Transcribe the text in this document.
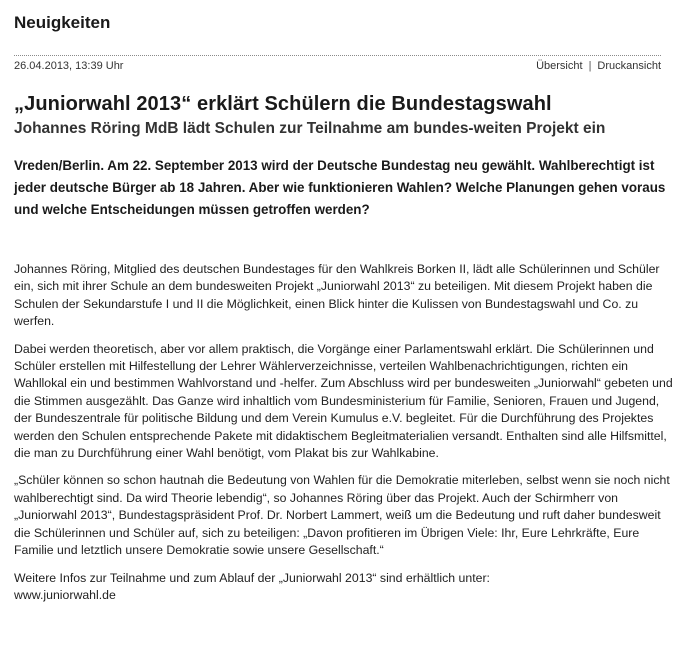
Neuigkeiten
26.04.2013, 13:39 Uhr	Übersicht | Druckansicht
„Juniorwahl 2013“ erklärt Schülern die Bundestagswahl
Johannes Röring MdB lädt Schulen zur Teilnahme am bundes-weiten Projekt ein

Vreden/Berlin. Am 22. September 2013 wird der Deutsche Bundestag neu gewählt. Wahlberechtigt ist jeder deutsche Bürger ab 18 Jahren. Aber wie funktionieren Wahlen? Welche Planungen gehen voraus und welche Entscheidungen müssen getroffen werden?

Johannes Röring, Mitglied des deutschen Bundestages für den Wahlkreis Borken II, lädt alle Schülerinnen und Schüler ein, sich mit ihrer Schule an dem bundesweiten Projekt „Juniorwahl 2013“ zu beteiligen. Mit diesem Projekt haben die Schulen der Sekundarstufe I und II die Möglichkeit, einen Blick hinter die Kulissen von Bundestagswahl und Co. zu werfen.

Dabei werden theoretisch, aber vor allem praktisch, die Vorgänge einer Parlamentswahl erklärt. Die Schülerinnen und Schüler erstellen mit Hilfestellung der Lehrer Wählerverzeichnisse, verteilen Wahlbenachrichtigungen, richten ein Wahllokal ein und bestimmen Wahlvorstand und -helfer. Zum Abschluss wird per bundesweiten „Juniorwahl“ gebeten und die Stimmen ausgezählt. Das Ganze wird inhaltlich vom Bundesministerium für Familie, Senioren, Frauen und Jugend, der Bundeszentrale für politische Bildung und dem Verein Kumulus e.V. begleitet. Für die Durchführung des Projektes werden den Schulen entsprechende Pakete mit didaktischem Begleitmaterialien versandt. Enthalten sind alle Hilfsmittel, die man zu Durchführung einer Wahl benötigt, vom Plakat bis zur Wahlkabine.

„Schüler können so schon hautnah die Bedeutung von Wahlen für die Demokratie miterleben, selbst wenn sie noch nicht wahlberechtigt sind. Da wird Theorie lebendig“, so Johannes Röring über das Projekt. Auch der Schirmherr von „Juniorwahl 2013“, Bundestagspräsident Prof. Dr. Norbert Lammert, weiß um die Bedeutung und ruft daher bundesweit die Schülerinnen und Schüler auf, sich zu beteiligen: „Davon profitieren im Übrigen Viele: Ihr, Eure Lehrkräfte, Eure Familie und letztlich unsere Demokratie sowie unsere Gesellschaft.“

Weitere Infos zur Teilnahme und zum Ablauf der „Juniorwahl 2013“ sind erhältlich unter:
www.juniorwahl.de
